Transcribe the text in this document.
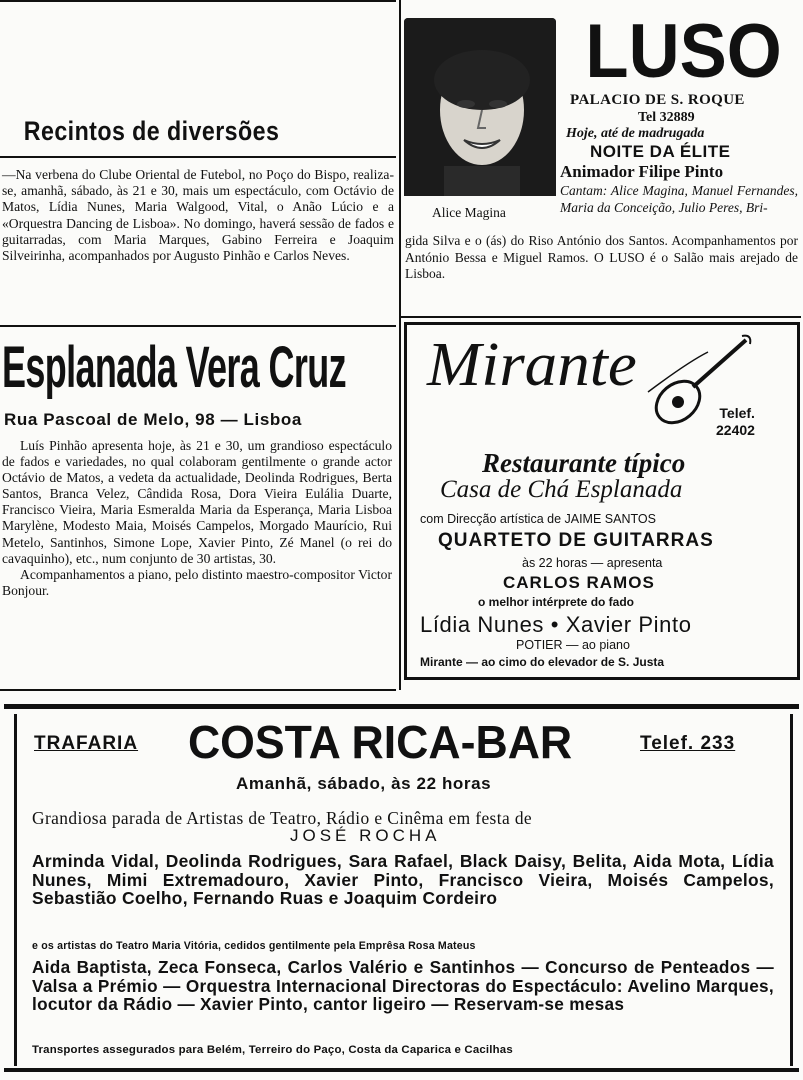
Recintos de diversões

—Na verbena do Clube Oriental de Futebol, no Poço do Bispo, realiza-se, amanhã, sábado, às 21 e 30, mais um espectáculo, com Octávio de Matos, Lídia Nunes, Maria Walgood, Vital, o Anão Lúcio e a «Orquestra Dancing de Lisboa». No domingo, haverá sessão de fados e guitarradas, com Maria Marques, Gabino Ferreira e Joaquim Silveirinha, acompanhados por Augusto Pinhão e Carlos Neves.

Alice Magina
LUSO
PALACIO DE S. ROQUE
Tel 32889
Hoje, até de madrugada
NOITE DA ÉLITE
Animador Filipe Pinto

Cantam: Alice Magina, Manuel Fernandes, Maria da Conceição, Julio Peres, Bri-

gida Silva e o (ás) do Riso António dos Santos. Acompanhamentos por António Bessa e Miguel Ramos. O LUSO é o Salão mais arejado de Lisboa.

Esplanada Vera Cruz
Rua Pascoal de Melo, 98 — Lisboa

Luís Pinhão apresenta hoje, às 21 e 30, um grandioso espectáculo de fados e variedades, no qual colaboram gentilmente o grande actor Octávio de Matos, a vedeta da actualidade, Deolinda Rodrigues, Berta Santos, Branca Velez, Cândida Rosa, Dora Vieira Eulália Duarte, Francisco Vieira, Maria Esmeralda Maria da Esperança, Maria Lisboa Marylène, Modesto Maia, Moisés Campelos, Morgado Maurício, Rui Metelo, Santinhos, Simone Lope, Xavier Pinto, Zé Manel (o rei do cavaquinho), etc., num conjunto de 30 artistas, 30.

Acompanhamentos a piano, pelo distinto maestro-compositor Victor Bonjour.

Mirante
Telef.
22402
Restaurante típico
Casa de Chá Esplanada
com Direcção artística de JAIME SANTOS
QUARTETO DE GUITARRAS
às 22 horas — apresenta
CARLOS RAMOS
o melhor intérprete do fado
Lídia Nunes • Xavier Pinto
POTIER — ao piano
Mirante — ao cimo do elevador de S. Justa
TRAFARIA COSTA RICA-BAR	Telef. 233
Amanhã, sábado, às 22 horas
Grandiosa parada de Artistas de Teatro, Rádio e Cinêma em festa de
JOSÉ ROCHA

Arminda Vidal, Deolinda Rodrigues, Sara Rafael, Black Daisy, Belita, Aida Mota, Lídia Nunes, Mimi Extremadouro, Xavier Pinto, Francisco Vieira, Moisés Campelos, Sebastião Coelho, Fernando Ruas e Joaquim Cordeiro

e os artistas do Teatro Maria Vitória, cedidos gentilmente pela Emprêsa Rosa Mateus

Aida Baptista, Zeca Fonseca, Carlos Valério e Santinhos — Concurso de Penteados — Valsa a Prémio — Orquestra Internacional Directoras do Espectáculo: Avelino Marques, locutor da Rádio — Xavier Pinto, cantor ligeiro — Reservam-se mesas

Transportes assegurados para Belém, Terreiro do Paço, Costa da Caparica e Cacilhas
